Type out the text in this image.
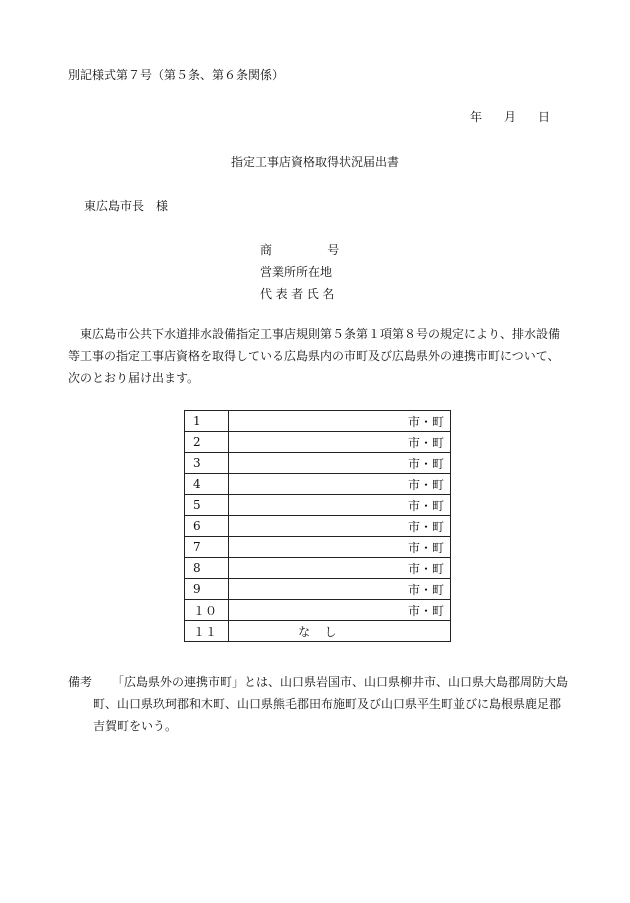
別記様式第７号（第５条、第６条関係）
年 月 日
指定工事店資格取得状況届出書
東広島市長　様
商号
営業所所在地
代表者氏名

東広島市公共下水道排水設備指定工事店規則第５条第１項第８号の規定により、排水設備

等工事の指定工事店資格を取得している広島県内の市町及び広島県外の連携市町について、

次のとおり届け出ます。

1	市・町
2	市・町
3	市・町
4	市・町
5	市・町
6	市・町
7	市・町
8	市・町
9	市・町
１０	市・町
１１	なし
備考	「広島県外の連携市町」とは、山口県岩国市、山口県柳井市、山口県大島郡周防大島
町、山口県玖珂郡和木町、山口県熊毛郡田布施町及び山口県平生町並びに島根県鹿足郡
吉賀町をいう。
